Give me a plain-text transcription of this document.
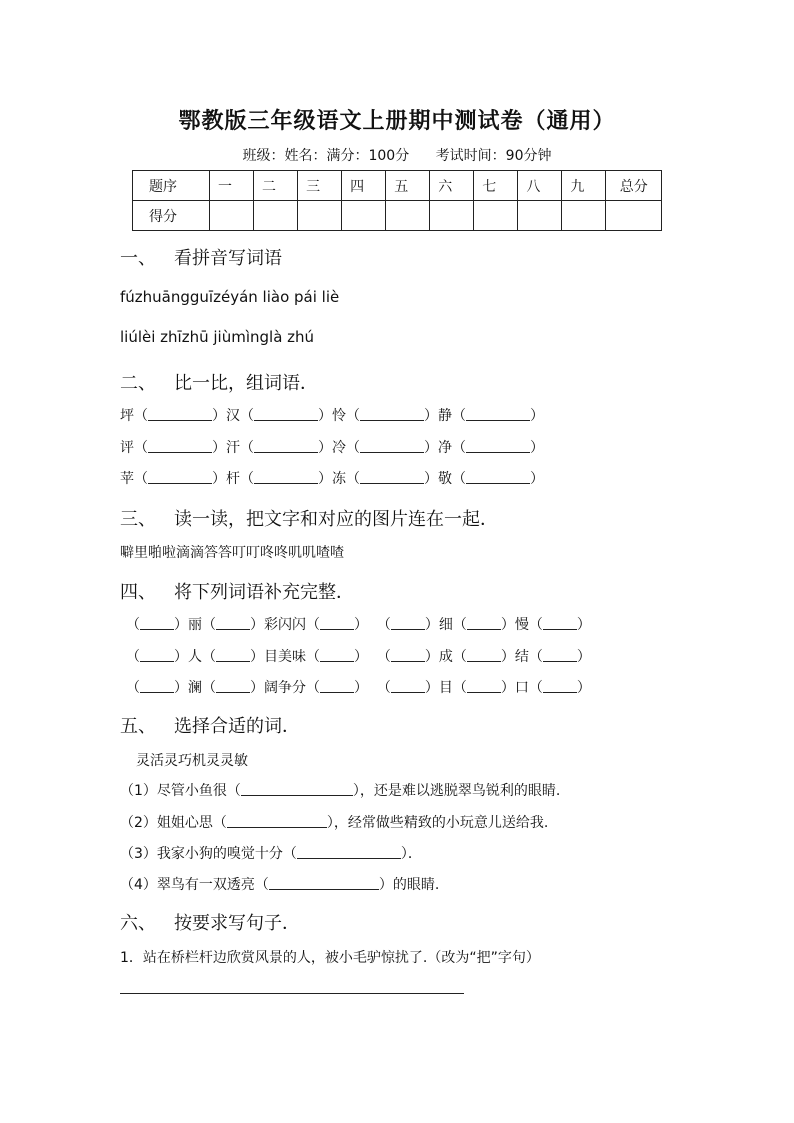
鄂教版三年级语文上册期中测试卷（通用）
班级：姓名：满分：100分 考试时间：90分钟
题序	一	二	三	四	五	六	七	八	九	总分
得分										
一、 看拼音写词语
fúzhuāngguīzéyán liào pái liè
liúlèi zhīzhū jiùmìnglà zhú
二、 比一比，组词语．
坪（	）汉（	）怜（	）静（	）
评（	）汗（	）冷（	）净（	）
苹（	）杆（	）冻（	）敬（	）
三、 读一读，把文字和对应的图片连在一起．
噼里啪啦滴滴答答叮叮咚咚叽叽喳喳
四、 将下列词语补充完整．
（ ）丽（ ）彩闪闪（ ）  （ ）细（ ）慢（ ）
（ ）人（ ）目美味（ ）  （ ）成（ ）结（ ）
（ ）澜（ ）阔争分（ ）  （ ）目（ ）口（ ）
五、 选择合适的词．
灵活灵巧机灵灵敏
（1）尽管小鱼很（	），还是难以逃脱翠鸟锐利的眼睛.
（2）姐姐心思（	），经常做些精致的小玩意儿送给我.
（3）我家小狗的嗅觉十分（	）．
（4）翠鸟有一双透亮（	）的眼睛.
六、 按要求写句子．
1．站在桥栏杆边欣赏风景的人，被小毛驴惊扰了.（改为“把”字句）
